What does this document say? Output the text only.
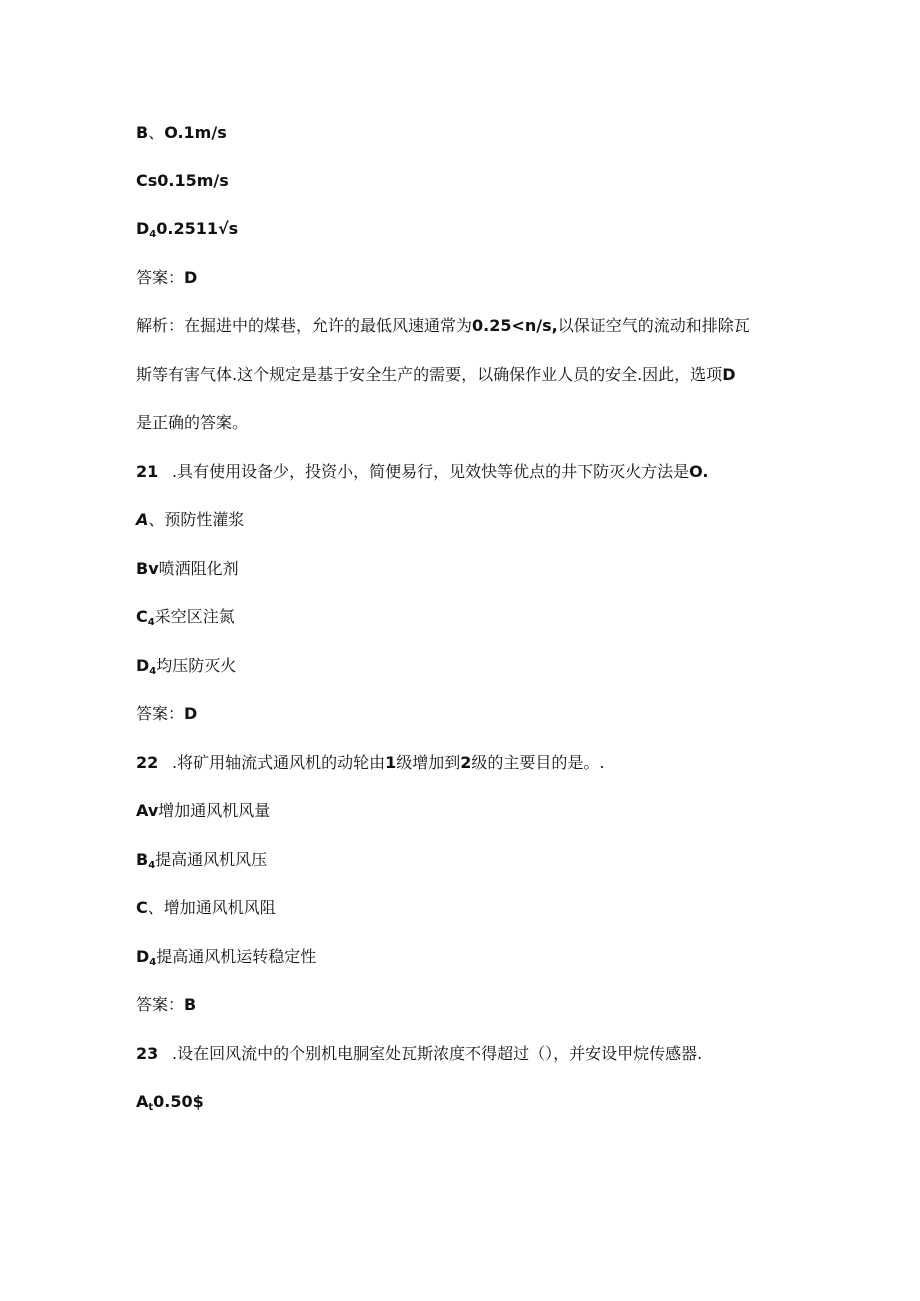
B、O.1m/s
Cs0.15m/s
$D_40.2511√s$
答案：D
解析：在掘进中的煤巷，允许的最低风速通常为0.25<n/s,以保证空气的流动和排除瓦
斯等有害气体.这个规定是基于安全生产的需要，以确保作业人员的安全.因此，选项D
是正确的答案。
21 .具有使用设备少，投资小，简便易行，见效快等优点的井下防灭火方法是O.
A、预防性灌浆
Bv喷洒阻化剂
$C_4$采空区注氮
$D_4$均压防灭火
答案：D
22 .将矿用轴流式通风机的动轮由1级增加到2级的主要目的是。.
Av增加通风机风量
$B_4$提高通风机风压
C、增加通风机风阻
$D_4$提高通风机运转稳定性
答案：B
23 .设在回风流中的个别机电胴室处瓦斯浓度不得超过（），并安设甲烷传感器.
$A_t0.50\$$
